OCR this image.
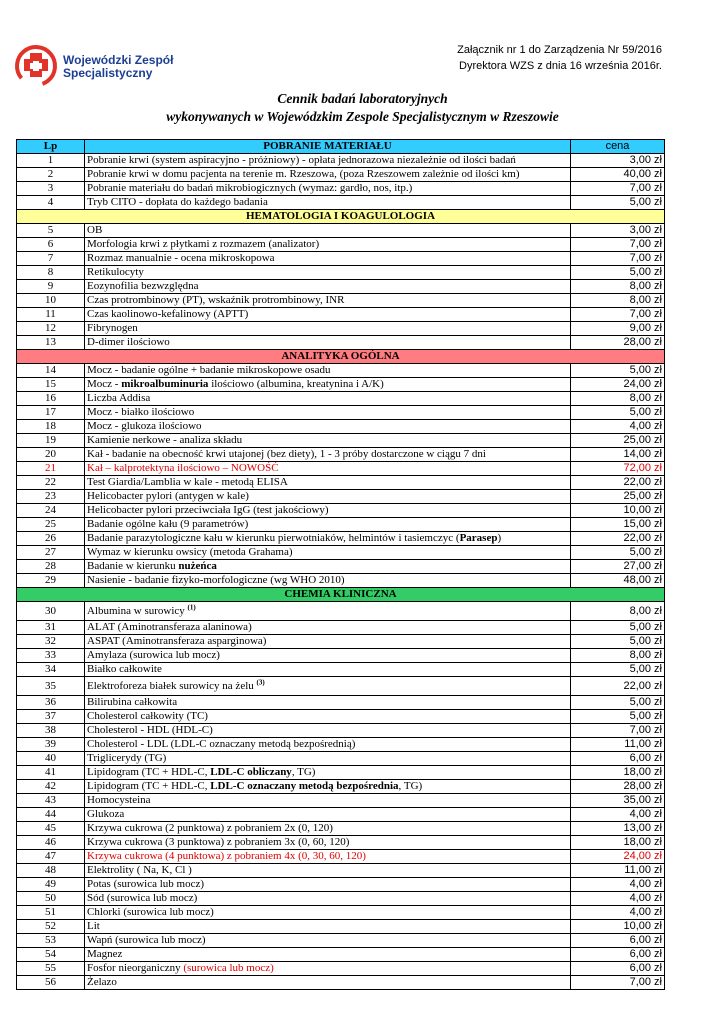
Wojewódzki Zespół
Specjalistyczny
Załącznik nr 1 do Zarządzenia Nr 59/2016
Dyrektora WZS z dnia 16 września 2016r.
Cennik badań laboratoryjnych
wykonywanych w Wojewódzkim Zespole Specjalistycznym w Rzeszowie
Lp	POBRANIE MATERIAŁU	cena
1	Pobranie krwi (system aspiracyjno - próżniowy) - opłata jednorazowa niezależnie od ilości badań	3,00 zł
2	Pobranie krwi w domu pacjenta na terenie m. Rzeszowa, (poza Rzeszowem zależnie od ilości km)	40,00 zł
3	Pobranie materiału do badań mikrobiogicznych (wymaz: gardło, nos, itp.)	7,00 zł
4	Tryb CITO - dopłata do każdego badania	5,00 zł
HEMATOLOGIA I KOAGULOLOGIA		
5	OB	3,00 zł
6	Morfologia krwi z płytkami z rozmazem (analizator)	7,00 zł
7	Rozmaz manualnie - ocena mikroskopowa	7,00 zł
8	Retikulocyty	5,00 zł
9	Eozynofilia bezwzględna	8,00 zł
10	Czas protrombinowy (PT), wskaźnik protrombinowy, INR	8,00 zł
11	Czas kaolinowo-kefalinowy (APTT)	7,00 zł
12	Fibrynogen	9,00 zł
13	D-dimer ilościowo	28,00 zł
ANALITYKA OGÓLNA		
14	Mocz - badanie ogólne + badanie mikroskopowe osadu	5,00 zł
15	Mocz - mikroalbuminuria ilościowo (albumina, kreatynina i A/K)	24,00 zł
16	Liczba Addisa	8,00 zł
17	Mocz - białko ilościowo	5,00 zł
18	Mocz - glukoza ilościowo	4,00 zł
19	Kamienie nerkowe - analiza składu	25,00 zł
20	Kał - badanie na obecność krwi utajonej (bez diety), 1 - 3 próby dostarczone w ciągu 7 dni	14,00 zł
21	Kał – kalprotektyna ilościowo – NOWOŚĆ	72,00 zł
22	Test Giardia/Lamblia w kale - metodą ELISA	22,00 zł
23	Helicobacter pylori (antygen w kale)	25,00 zł
24	Helicobacter pylori przeciwciała IgG (test jakościowy)	10,00 zł
25	Badanie ogólne kału (9 parametrów)	15,00 zł
26	Badanie parazytologiczne kału w kierunku pierwotniaków, helmintów i tasiemczyc (Parasep)	22,00 zł
27	Wymaz w kierunku owsicy (metoda Grahama)	5,00 zł
28	Badanie w kierunku nużeńca	27,00 zł
29	Nasienie - badanie fizyko-morfologiczne (wg WHO 2010)	48,00 zł
CHEMIA KLINICZNA		
30	Albumina w surowicy $^{(1)}$	8,00 zł
31	ALAT (Aminotransferaza alaninowa)	5,00 zł
32	ASPAT (Aminotransferaza asparginowa)	5,00 zł
33	Amylaza (surowica lub mocz)	8,00 zł
34	Białko całkowite	5,00 zł
35	Elektroforeza białek surowicy na żelu $^{(3)}$	22,00 zł
36	Bilirubina całkowita	5,00 zł
37	Cholesterol całkowity (TC)	5,00 zł
38	Cholesterol - HDL (HDL-C)	7,00 zł
39	Cholesterol - LDL (LDL-C oznaczany metodą bezpośrednią)	11,00 zł
40	Triglicerydy (TG)	6,00 zł
41	Lipidogram (TC + HDL-C, LDL-C obliczany, TG)	18,00 zł
42	Lipidogram (TC + HDL-C, LDL-C oznaczany metodą bezpośrednia, TG)	28,00 zł
43	Homocysteina	35,00 zł
44	Glukoza	4,00 zł
45	Krzywa cukrowa (2 punktowa) z pobraniem 2x (0, 120)	13,00 zł
46	Krzywa cukrowa (3 punktowa) z pobraniem 3x (0, 60, 120)	18,00 zł
47	Krzywa cukrowa (4 punktowa) z pobraniem 4x (0, 30, 60, 120)	24,00 zł
48	Elektrolity ( Na, K, Cl )	11,00 zł
49	Potas (surowica lub mocz)	4,00 zł
50	Sód (surowica lub mocz)	4,00 zł
51	Chlorki (surowica lub mocz)	4,00 zł
52	Lit	10,00 zł
53	Wapń (surowica lub mocz)	6,00 zł
54	Magnez	6,00 zł
55	Fosfor nieorganiczny (surowica lub mocz)	6,00 zł
56	Żelazo	7,00 zł
